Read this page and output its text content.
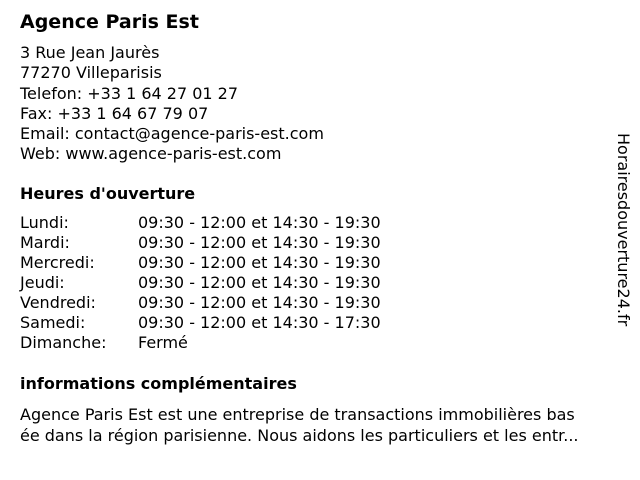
Agence Paris Est
3 Rue Jean Jaurès
77270 Villeparisis
Telefon: +33 1 64 27 01 27
Fax: +33 1 64 67 79 07
Email: contact@agence-paris-est.com
Web: www.agence-paris-est.com
Heures d'ouverture
Lundi:	09:30 - 12:00 et 14:30 - 19:30
Mardi:	09:30 - 12:00 et 14:30 - 19:30
Mercredi:	09:30 - 12:00 et 14:30 - 19:30
Jeudi:	09:30 - 12:00 et 14:30 - 19:30
Vendredi:	09:30 - 12:00 et 14:30 - 19:30
Samedi:	09:30 - 12:00 et 14:30 - 17:30
Dimanche: Fermé
informations complémentaires
Agence Paris Est est une entreprise de transactions immobilières bas
ée dans la région parisienne. Nous aidons les particuliers et les entr...
Horairesdouverture24.fr
